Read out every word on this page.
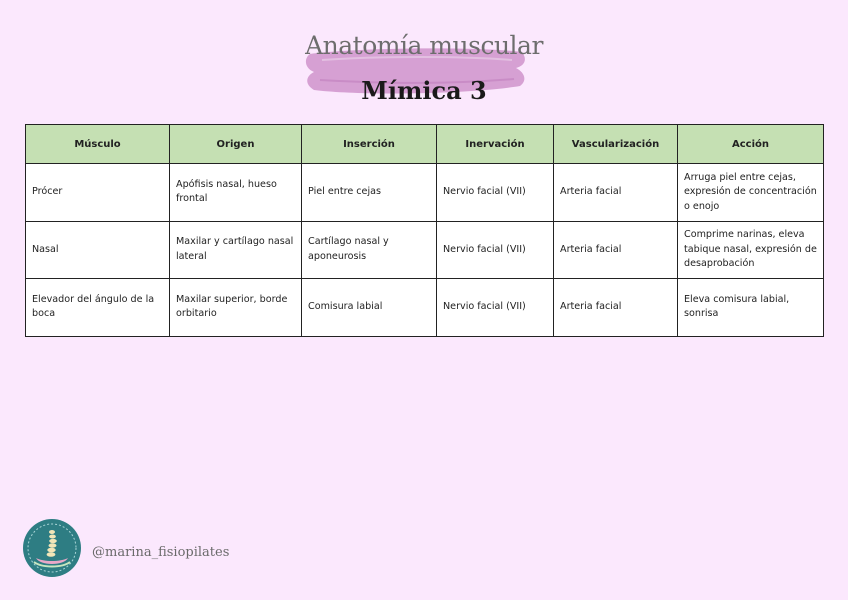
Anatomía muscular
Mímica 3
Músculo	Origen	Inserción	Inervación	Vascularización	Acción
Prócer	Apófisis nasal, hueso frontal	Piel entre cejas	Nervio facial (VII)	Arteria facial	Arruga piel entre cejas, expresión de concentración o enojo
Nasal	Maxilar y cartílago nasal lateral	Cartílago nasal y aponeurosis	Nervio facial (VII)	Arteria facial	Comprime narinas, eleva tabique nasal, expresión de desaprobación
Elevador del ángulo de la boca	Maxilar superior, borde orbitario	Comisura labial	Nervio facial (VII)	Arteria facial	Eleva comisura labial, sonrisa
@marina_fisiopilates
